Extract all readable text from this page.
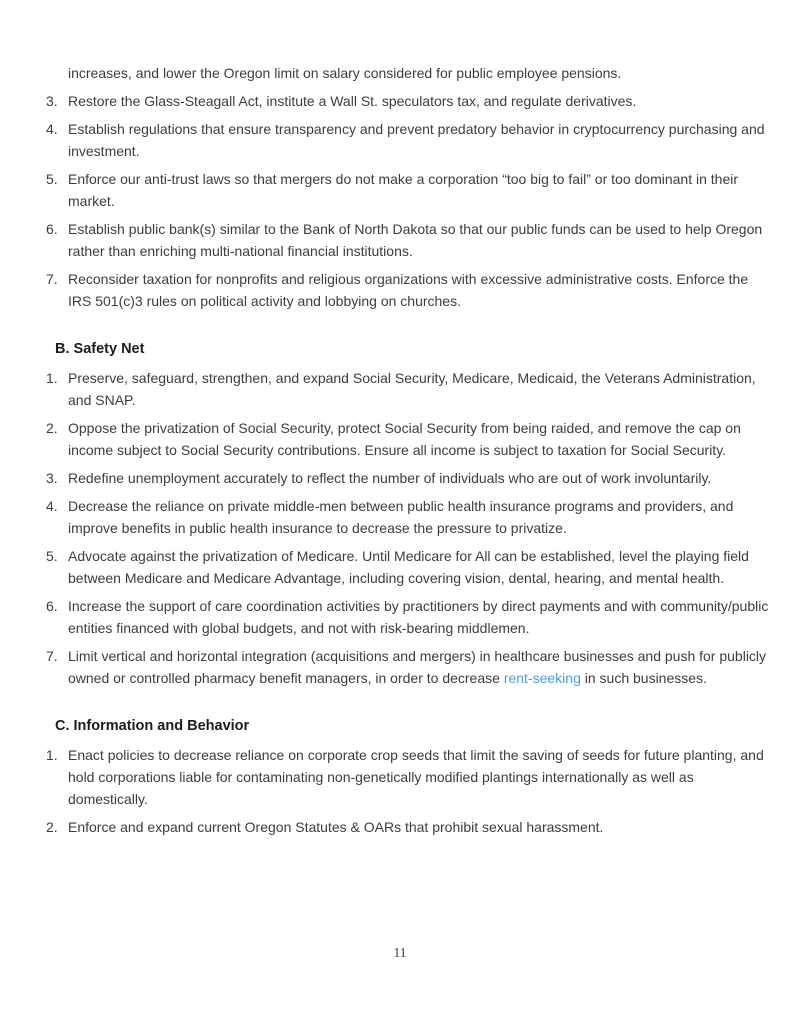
increases, and lower the Oregon limit on salary considered for public employee pensions.

3. Restore the Glass-Steagall Act, institute a Wall St. speculators tax, and regulate derivatives.
4. Establish regulations that ensure transparency and prevent predatory behavior in cryptocurrency purchasing and investment.
5. Enforce our anti-trust laws so that mergers do not make a corporation “too big to fail” or too dominant in their market.
6. Establish public bank(s) similar to the Bank of North Dakota so that our public funds can be used to help Oregon rather than enriching multi-national financial institutions.
7. Reconsider taxation for nonprofits and religious organizations with excessive administrative costs. Enforce the IRS 501(c)3 rules on political activity and lobbying on churches.
B. Safety Net
1. Preserve, safeguard, strengthen, and expand Social Security, Medicare, Medicaid, the Veterans Administration, and SNAP.
2. Oppose the privatization of Social Security, protect Social Security from being raided, and remove the cap on income subject to Social Security contributions. Ensure all income is subject to taxation for Social Security.
3. Redefine unemployment accurately to reflect the number of individuals who are out of work involuntarily.
4. Decrease the reliance on private middle-men between public health insurance programs and providers, and improve benefits in public health insurance to decrease the pressure to privatize.
5. Advocate against the privatization of Medicare. Until Medicare for All can be established, level the playing field between Medicare and Medicare Advantage, including covering vision, dental, hearing, and mental health.
6. Increase the support of care coordination activities by practitioners by direct payments and with community/public entities financed with global budgets, and not with risk-bearing middlemen.
7. Limit vertical and horizontal integration (acquisitions and mergers) in healthcare businesses and push for publicly owned or controlled pharmacy benefit managers, in order to decrease rent-seeking in such businesses.
C. Information and Behavior
1. Enact policies to decrease reliance on corporate crop seeds that limit the saving of seeds for future planting, and hold corporations liable for contaminating non-genetically modified plantings internationally as well as domestically.
2. Enforce and expand current Oregon Statutes & OARs that prohibit sexual harassment.
11
